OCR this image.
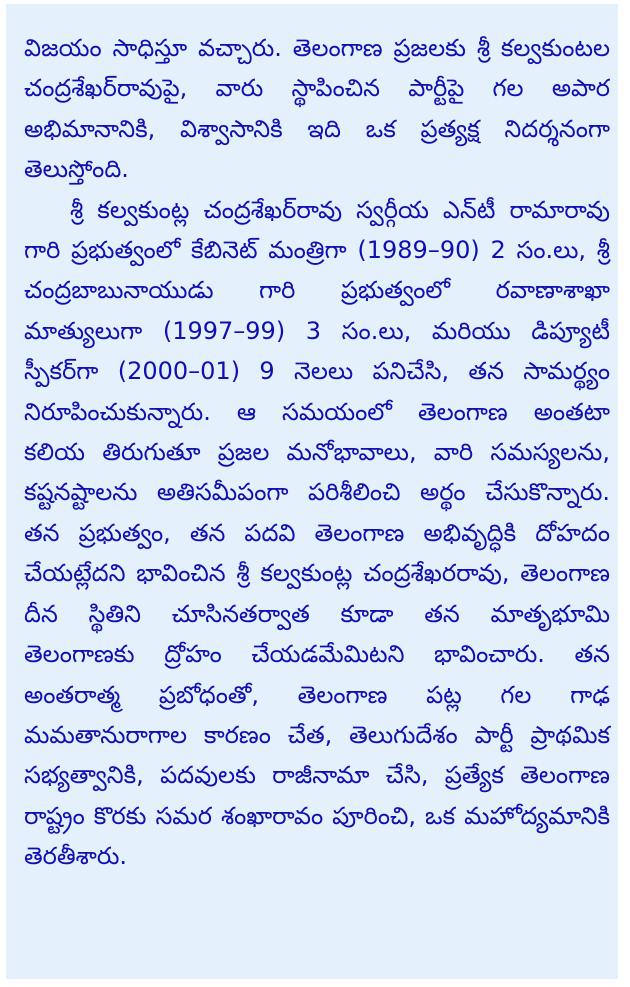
విజయం సాధిస్తూ వచ్చారు. తెలంగాణ ప్రజలకు శ్రీ కల్వకుంటల చంద్రశేఖర్‌రావుపై, వారు స్థాపించిన పార్టీపై గల అపార అభిమానానికి, విశ్వాసానికి ఇది ఒక ప్రత్యక్ష నిదర్శనంగా తెలుస్తోంది.

శ్రీ కల్వకుంట్ల చంద్రశేఖర్‌రావు స్వర్గీయ ఎన్‌టీ రామారావు గారి ప్రభుత్వంలో కేబినెట్ మంత్రిగా (1989–90) 2 సం.లు, శ్రీ చంద్రబాబునాయుడు గారి ప్రభుత్వంలో రవాణాశాఖా మాత్యులుగా (1997–99) 3 సం.లు, మరియు డిప్యూటీ స్పీకర్‌గా (2000–01) 9 నెలలు పనిచేసి, తన సామర్థ్యం నిరూపించుకున్నారు. ఆ సమయంలో తెలంగాణ అంతటా కలియ తిరుగుతూ ప్రజల మనోభావాలు, వారి సమస్యలను, కష్టనష్టాలను అతిసమీపంగా పరిశీలించి అర్థం చేసుకొన్నారు. తన ప్రభుత్వం, తన పదవి తెలంగాణ అభివృద్ధికి దోహదం చేయట్లేదని భావించిన శ్రీ కల్వకుంట్ల చంద్రశేఖరరావు, తెలంగాణ దీన స్థితిని చూసినతర్వాత కూడా తన మాతృభూమి తెలంగాణకు ద్రోహం చేయడమేమిటని భావించారు. తన అంతరాత్మ ప్రబోధంతో, తెలంగాణ పట్ల గల గాఢ మమతానురాగాల కారణం చేత, తెలుగుదేశం పార్టీ ప్రాథమిక సభ్యత్వానికి, పదవులకు రాజీనామా చేసి, ప్రత్యేక తెలంగాణ రాష్ట్రం కొరకు సమర శంఖారావం పూరించి, ఒక మహోద్యమానికి తెరతీశారు.
